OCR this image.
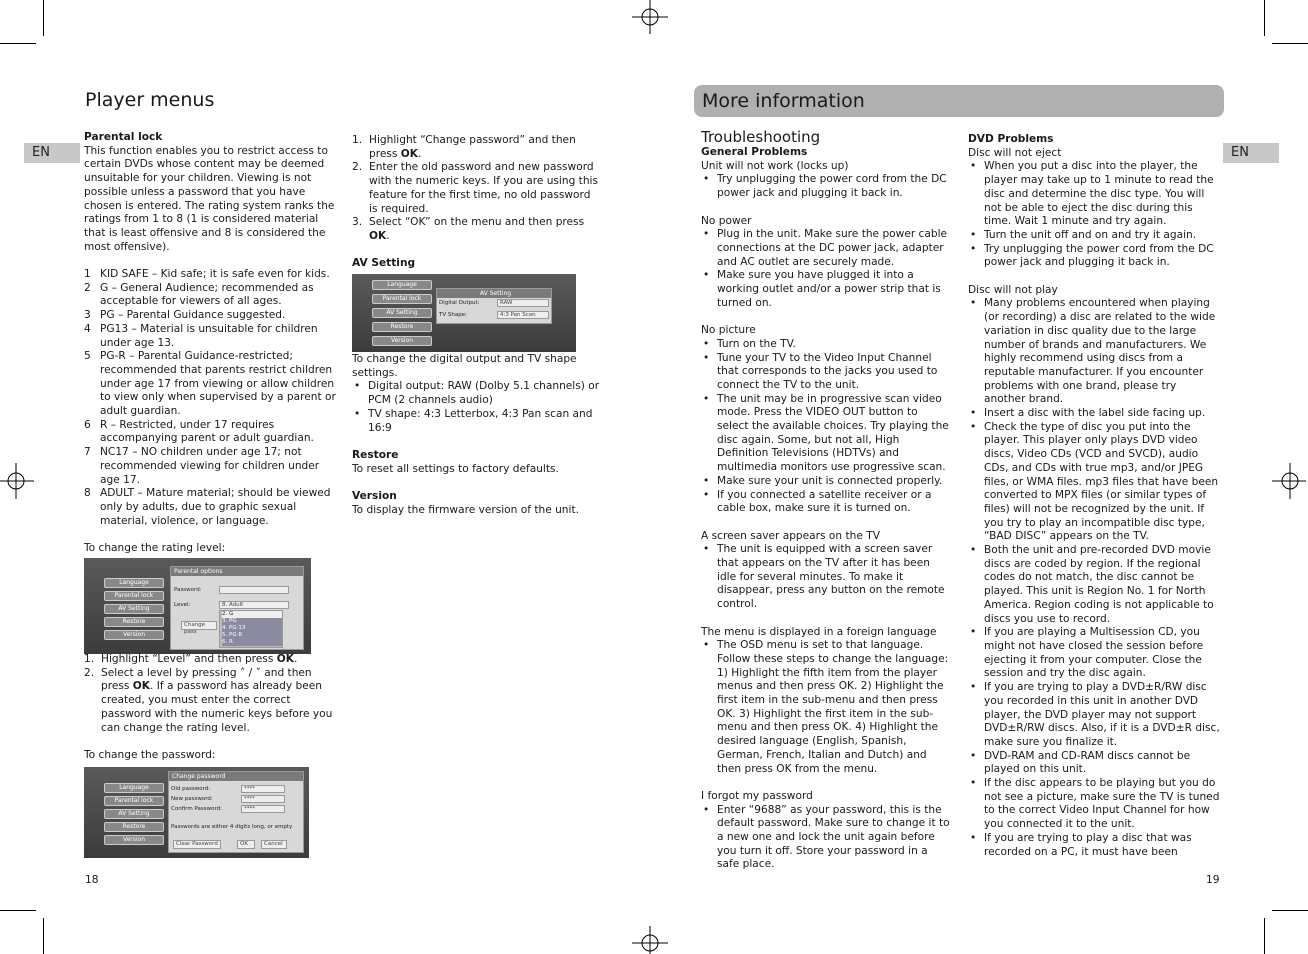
Player menus
EN
Parental lock
This function enables you to restrict access to certain DVDs whose content may be deemed unsuitable for your children. Viewing is not possible unless a password that you have chosen is entered. The rating system ranks the ratings from 1 to 8 (1 is considered material that is least offensive and 8 is considered the most offensive).
1 KID SAFE – Kid safe; it is safe even for kids.
2 G – General Audience; recommended as acceptable for viewers of all ages.
3 PG – Parental Guidance suggested.
4 PG13 – Material is unsuitable for children under age 13.
5 PG-R – Parental Guidance-restricted; recommended that parents restrict children under age 17 from viewing or allow children to view only when supervised by a parent or adult guardian.
6 R – Restricted, under 17 requires accompanying parent or adult guardian.
7 NC17 – NO children under age 17; not recommended viewing for children under age 17.
8 ADULT – Mature material; should be viewed only by adults, due to graphic sexual material, violence, or language.
To change the rating level:
Language
Parental lock
AV Setting
Restore
Version
Parental options
Password:
Level:	8. Adult
Change pass
2. G
3. PG
4. PG 13
5. PG R
6. R
1. Highlight “Level” and then press OK.
2. Select a level by pressing ˄ / ˅ and then press OK. If a password has already been created, you must enter the correct password with the numeric keys before you can change the rating level.
To change the password:
Language
Parental lock
AV Setting
Restore
Version
Change password
Old password:	****
New password:	****
Confirm Password:	****
Passwords are either 4 digits long, or empty
Clear Password	OK	Cancel
18
1. Highlight “Change password” and then press OK.
2. Enter the old password and new password with the numeric keys. If you are using this feature for the first time, no old password is required.
3. Select “OK” on the menu and then press OK.
AV Setting
Language
Parental lock
AV Setting
Restore
Version
AV Setting
Digital Output:	RAW
TV Shape:	4:3 Pan Scan
To change the digital output and TV shape settings.
• Digital output: RAW (Dolby 5.1 channels) or PCM (2 channels audio)
• TV shape: 4:3 Letterbox, 4:3 Pan scan and 16:9
Restore
To reset all settings to factory defaults.
Version
To display the firmware version of the unit.
More information
EN
Troubleshooting
General Problems
Unit will not work (locks up)
• Try unplugging the power cord from the DC power jack and plugging it back in.
No power
• Plug in the unit. Make sure the power cable connections at the DC power jack, adapter and AC outlet are securely made.
• Make sure you have plugged it into a working outlet and/or a power strip that is turned on.
No picture
• Turn on the TV.
• Tune your TV to the Video Input Channel that corresponds to the jacks you used to connect the TV to the unit.
• The unit may be in progressive scan video mode. Press the VIDEO OUT button to select the available choices. Try playing the disc again. Some, but not all, High Definition Televisions (HDTVs) and multimedia monitors use progressive scan.
• Make sure your unit is connected properly.
• If you connected a satellite receiver or a cable box, make sure it is turned on.
A screen saver appears on the TV
• The unit is equipped with a screen saver that appears on the TV after it has been idle for several minutes. To make it disappear, press any button on the remote control.
The menu is displayed in a foreign language
• The OSD menu is set to that language. Follow these steps to change the language: 1) Highlight the fifth item from the player menus and then press OK. 2) Highlight the first item in the sub-menu and then press OK. 3) Highlight the first item in the sub-menu and then press OK. 4) Highlight the desired language (English, Spanish, German, French, Italian and Dutch) and then press OK from the menu.
I forgot my password
• Enter “9688” as your password, this is the default password. Make sure to change it to a new one and lock the unit again before you turn it off. Store your password in a safe place.
DVD Problems
Disc will not eject
• When you put a disc into the player, the player may take up to 1 minute to read the disc and determine the disc type. You will not be able to eject the disc during this time. Wait 1 minute and try again.
• Turn the unit off and on and try it again.
• Try unplugging the power cord from the DC power jack and plugging it back in.
Disc will not play
• Many problems encountered when playing (or recording) a disc are related to the wide variation in disc quality due to the large number of brands and manufacturers. We highly recommend using discs from a reputable manufacturer. If you encounter problems with one brand, please try another brand.
• Insert a disc with the label side facing up.
• Check the type of disc you put into the player. This player only plays DVD video discs, Video CDs (VCD and SVCD), audio CDs, and CDs with true mp3, and/or JPEG files, or WMA files. mp3 files that have been converted to MPX files (or similar types of files) will not be recognized by the unit. If you try to play an incompatible disc type, “BAD DISC” appears on the TV.
• Both the unit and pre-recorded DVD movie discs are coded by region. If the regional codes do not match, the disc cannot be played. This unit is Region No. 1 for North America. Region coding is not applicable to discs you use to record.
• If you are playing a Multisession CD, you might not have closed the session before ejecting it from your computer. Close the session and try the disc again.
• If you are trying to play a DVD±R/RW disc you recorded in this unit in another DVD player, the DVD player may not support DVD±R/RW discs. Also, if it is a DVD±R disc, make sure you finalize it.
• DVD-RAM and CD-RAM discs cannot be played on this unit.
• If the disc appears to be playing but you do not see a picture, make sure the TV is tuned to the correct Video Input Channel for how you connected it to the unit.
• If you are trying to play a disc that was recorded on a PC, it must have been
19
